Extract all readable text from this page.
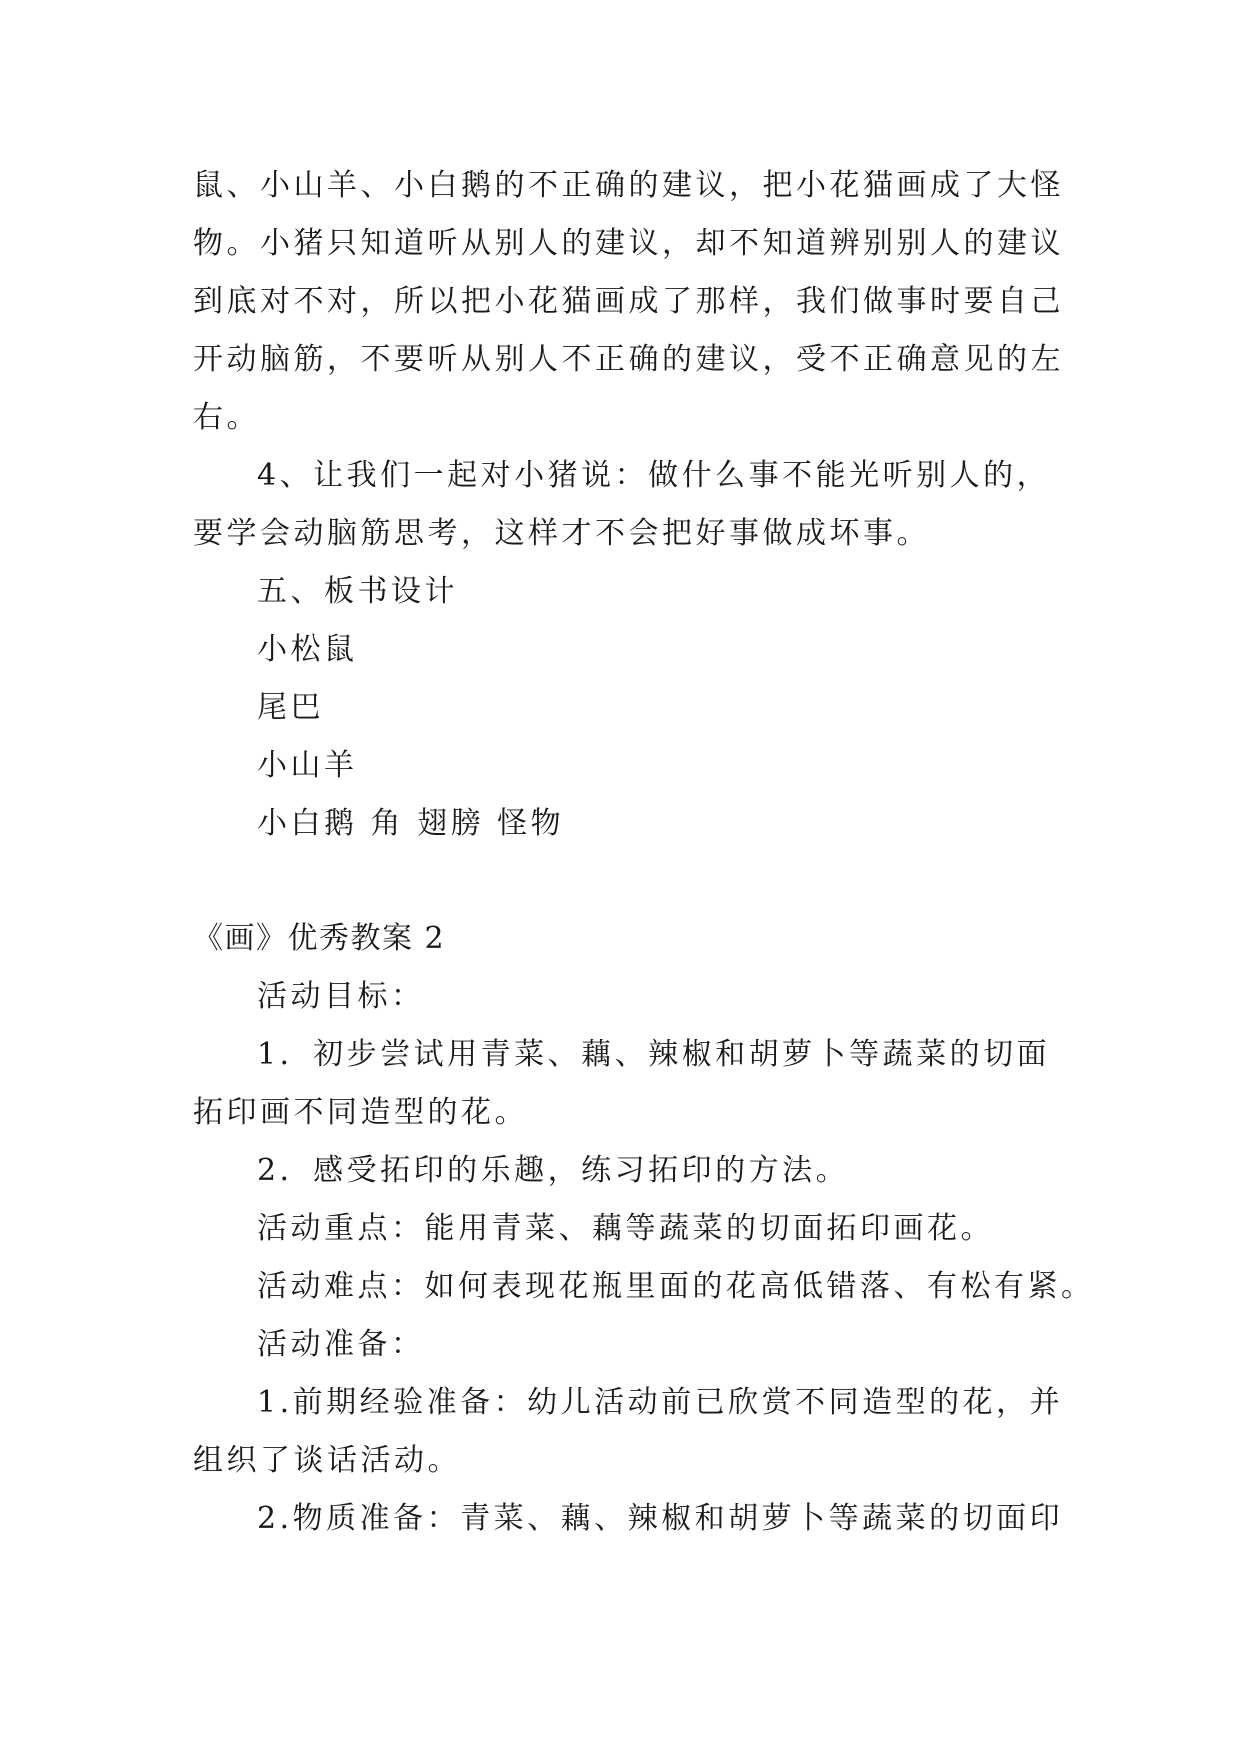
鼠、小山羊、小白鹅的不正确的建议，把小花猫画成了大怪
物。小猪只知道听从别人的建议，却不知道辨别别人的建议
到底对不对，所以把小花猫画成了那样，我们做事时要自己
开动脑筋，不要听从别人不正确的建议，受不正确意见的左
右。
4、让我们一起对小猪说：做什么事不能光听别人的，
要学会动脑筋思考，这样才不会把好事做成坏事。
五、板书设计
小松鼠
尾巴
小山羊
小白鹅 角 翅膀 怪物
《画》优秀教案 2
活动目标：
1．初步尝试用青菜、藕、辣椒和胡萝卜等蔬菜的切面
拓印画不同造型的花。
2．感受拓印的乐趣，练习拓印的方法。
活动重点：能用青菜、藕等蔬菜的切面拓印画花。
活动难点：如何表现花瓶里面的花高低错落、有松有紧。
活动准备：
1.前期经验准备：幼儿活动前已欣赏不同造型的花，并
组织了谈话活动。
2.物质准备：青菜、藕、辣椒和胡萝卜等蔬菜的切面印
